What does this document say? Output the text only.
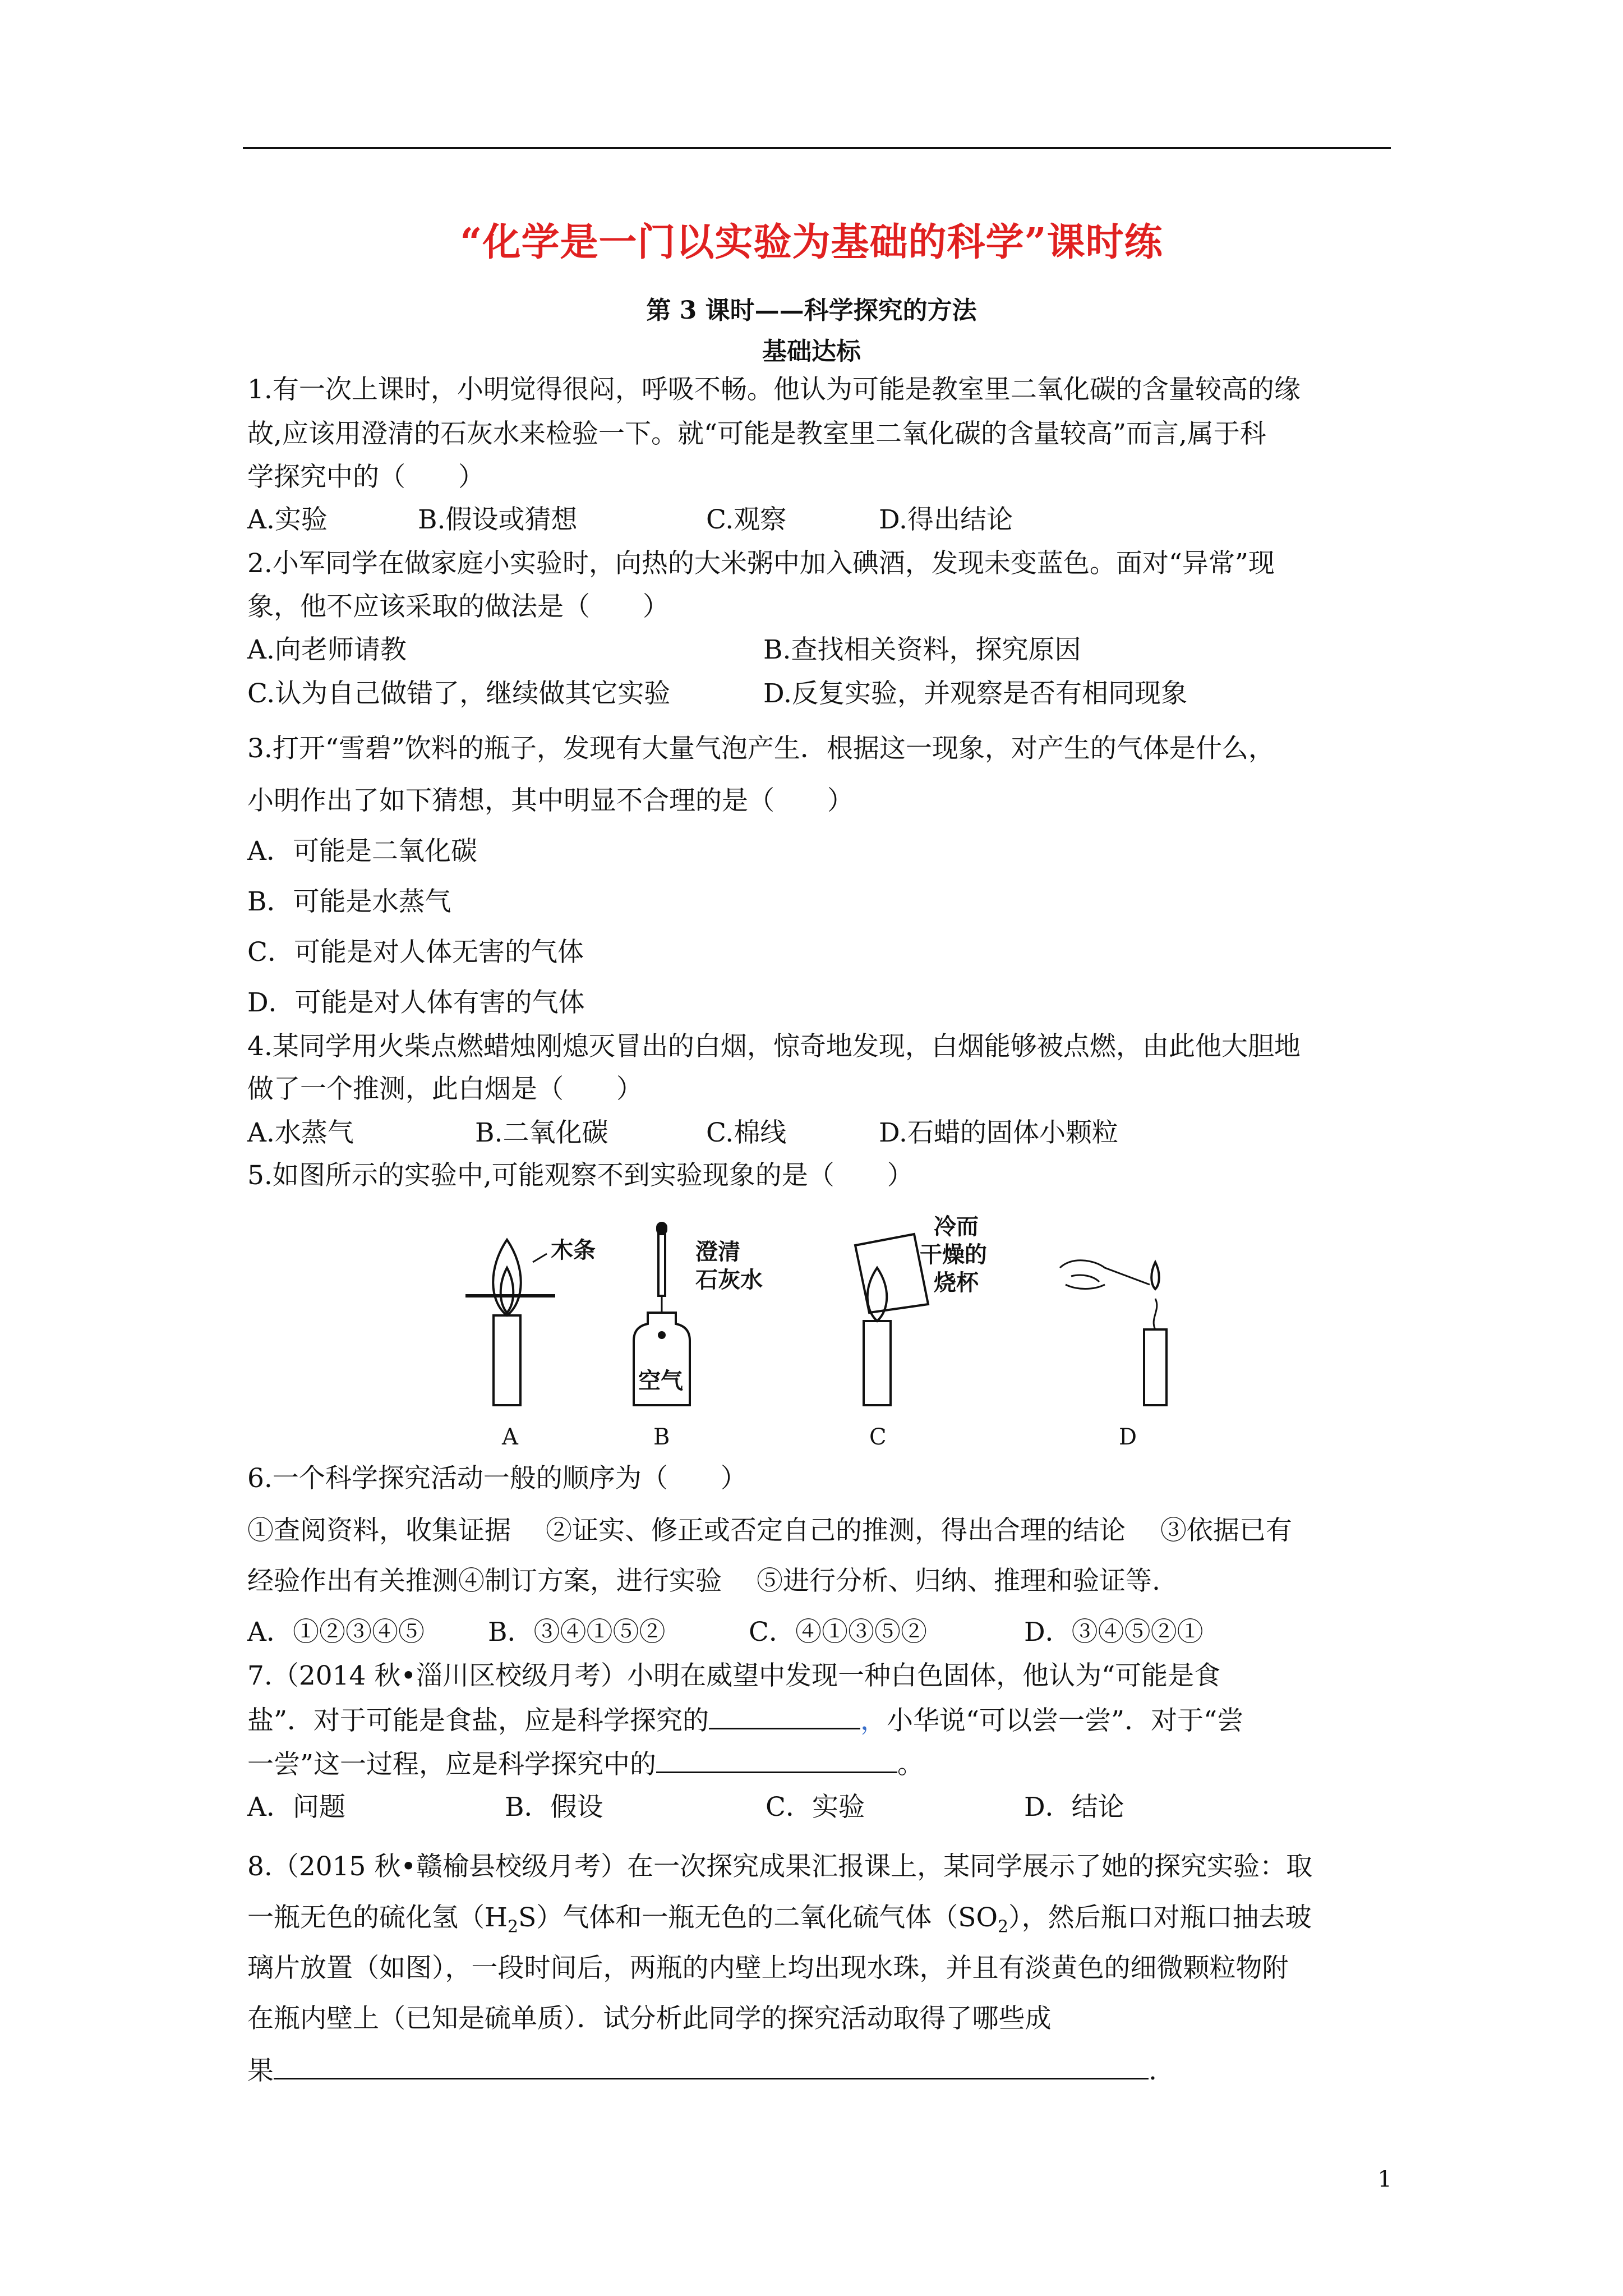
“化学是一门以实验为基础的科学”课时练
第 3 课时——科学探究的方法
基础达标
1.有一次上课时，小明觉得很闷，呼吸不畅。他认为可能是教室里二氧化碳的含量较高的缘
故,应该用澄清的石灰水来检验一下。就“可能是教室里二氧化碳的含量较高”而言,属于科
学探究中的（　　）
A.实验	B.假设或猜想	C.观察	D.得出结论
2.小军同学在做家庭小实验时，向热的大米粥中加入碘酒，发现未变蓝色。面对“异常”现
象，他不应该采取的做法是（　　）
A.向老师请教	B.查找相关资料，探究原因
C.认为自己做错了，继续做其它实验	D.反复实验，并观察是否有相同现象
3.打开“雪碧”饮料的瓶子，发现有大量气泡产生．根据这一现象，对产生的气体是什么，
小明作出了如下猜想，其中明显不合理的是（　　）
A．可能是二氧化碳
B．可能是水蒸气
C．可能是对人体无害的气体
D．可能是对人体有害的气体
4.某同学用火柴点燃蜡烛刚熄灭冒出的白烟，惊奇地发现，白烟能够被点燃，由此他大胆地
做了一个推测，此白烟是（　　）
A.水蒸气	B.二氧化碳	C.棉线	D.石蜡的固体小颗粒
5.如图所示的实验中,可能观察不到实验现象的是（　　）
木条	澄清
石灰水
空气
冷而
干燥的
烧杯
A	B	C	D
6.一个科学探究活动一般的顺序为（　　）
①查阅资料，收集证据　 ②证实、修正或否定自己的推测，得出合理的结论　 ③依据已有
经验作出有关推测④制订方案，进行实验　 ⑤进行分析、归纳、推理和验证等.
A．①②③④⑤ B．③④①⑤②	C．④①③⑤②	D．③④⑤②①
7.（2014 秋•淄川区校级月考）小明在威望中发现一种白色固体，他认为“可能是食
盐”．对于可能是食盐，应是科学探究的	，小华说“可以尝一尝”．对于“尝
一尝”这一过程，应是科学探究中的	。
A．问题	B．假设	C．实验	D．结论
8.（2015 秋•赣榆县校级月考）在一次探究成果汇报课上，某同学展示了她的探究实验：取
一瓶无色的硫化氢$(H_2S)$气体和一瓶无色的二氧化硫气体$(SO_2)$，然后瓶口对瓶口抽去玻
璃片放置（如图），一段时间后，两瓶的内壁上均出现水珠，并且有淡黄色的细微颗粒物附
在瓶内壁上（已知是硫单质）．试分析此同学的探究活动取得了哪些成
果	.
1
